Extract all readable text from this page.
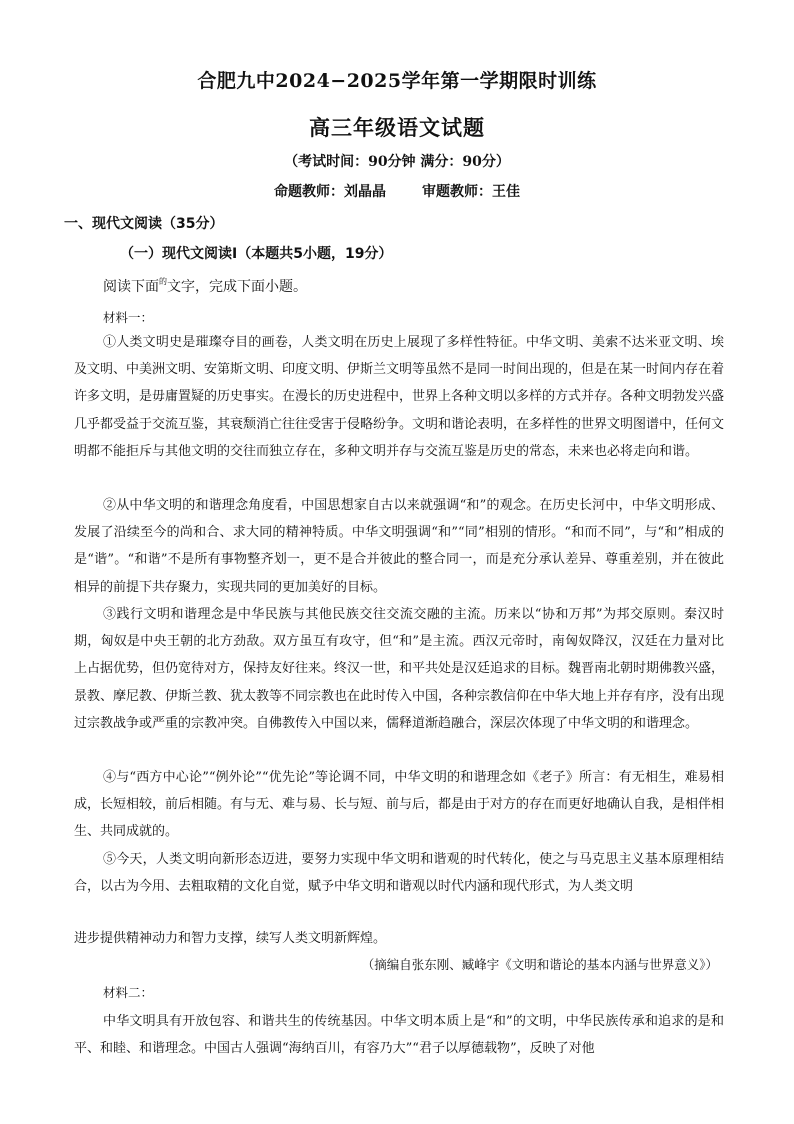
合肥九中2024−2025学年第一学期限时训练
高三年级语文试题
（考试时间：90分钟 满分：90分）
命题教师：刘晶晶	审题教师：王佳
一、现代文阅读（35分）
（一）现代文阅读Ⅰ（本题共5小题，19分）
阅读下面$^的$文字，完成下面小题。
材料一：
①人类文明史是璀璨夺目的画卷，人类文明在历史上展现了多样性特征。中华文明、美索不达米亚文明、埃及文明、中美洲文明、安第斯文明、印度文明、伊斯兰文明等虽然不是同一时间出现的，但是在某一时间内存在着许多文明，是毋庸置疑的历史事实。在漫长的历史进程中，世界上各种文明以多样的方式并存。各种文明勃发兴盛几乎都受益于交流互鉴，其衰颓消亡往往受害于侵略纷争。文明和谐论表明，在多样性的世界文明图谱中，任何文明都不能拒斥与其他文明的交往而独立存在，多种文明并存与交流互鉴是历史的常态，未来也必将走向和谐。
②从中华文明的和谐理念角度看，中国思想家自古以来就强调“和”的观念。在历史长河中，中华文明形成、发展了沿续至今的尚和合、求大同的精神特质。中华文明强调“和”“同”相别的情形。“和而不同”，与“和”相成的是“谐”。“和谐”不是所有事物整齐划一，更不是合并彼此的整合同一，而是充分承认差异、尊重差别，并在彼此相异的前提下共存聚力，实现共同的更加美好的目标。
③践行文明和谐理念是中华民族与其他民族交往交流交融的主流。历来以“协和万邦”为邦交原则。秦汉时期，匈奴是中央王朝的北方劲敌。双方虽互有攻守，但“和”是主流。西汉元帝时，南匈奴降汉，汉廷在力量对比上占据优势，但仍宽待对方，保持友好往来。终汉一世，和平共处是汉廷追求的目标。魏晋南北朝时期佛教兴盛，景教、摩尼教、伊斯兰教、犹太教等不同宗教也在此时传入中国，各种宗教信仰在中华大地上并存有序，没有出现过宗教战争或严重的宗教冲突。自佛教传入中国以来，儒释道渐趋融合，深层次体现了中华文明的和谐理念。
④与“西方中心论”“例外论”“优先论”等论调不同，中华文明的和谐理念如《老子》所言：有无相生，难易相成，长短相较，前后相随。有与无、难与易、长与短、前与后，都是由于对方的存在而更好地确认自我，是相伴相生、共同成就的。
⑤今天，人类文明向新形态迈进，要努力实现中华文明和谐观的时代转化，使之与马克思主义基本原理相结合，以古为今用、去粗取精的文化自觉，赋予中华文明和谐观以时代内涵和现代形式，为人类文明
进步提供精神动力和智力支撑，续写人类文明新辉煌。
（摘编自张东刚、臧峰宇《文明和谐论的基本内涵与世界意义》）
材料二：
中华文明具有开放包容、和谐共生的传统基因。中华文明本质上是“和”的文明，中华民族传承和追求的是和平、和睦、和谐理念。中国古人强调“海纳百川，有容乃大”“君子以厚德载物”，反映了对他
